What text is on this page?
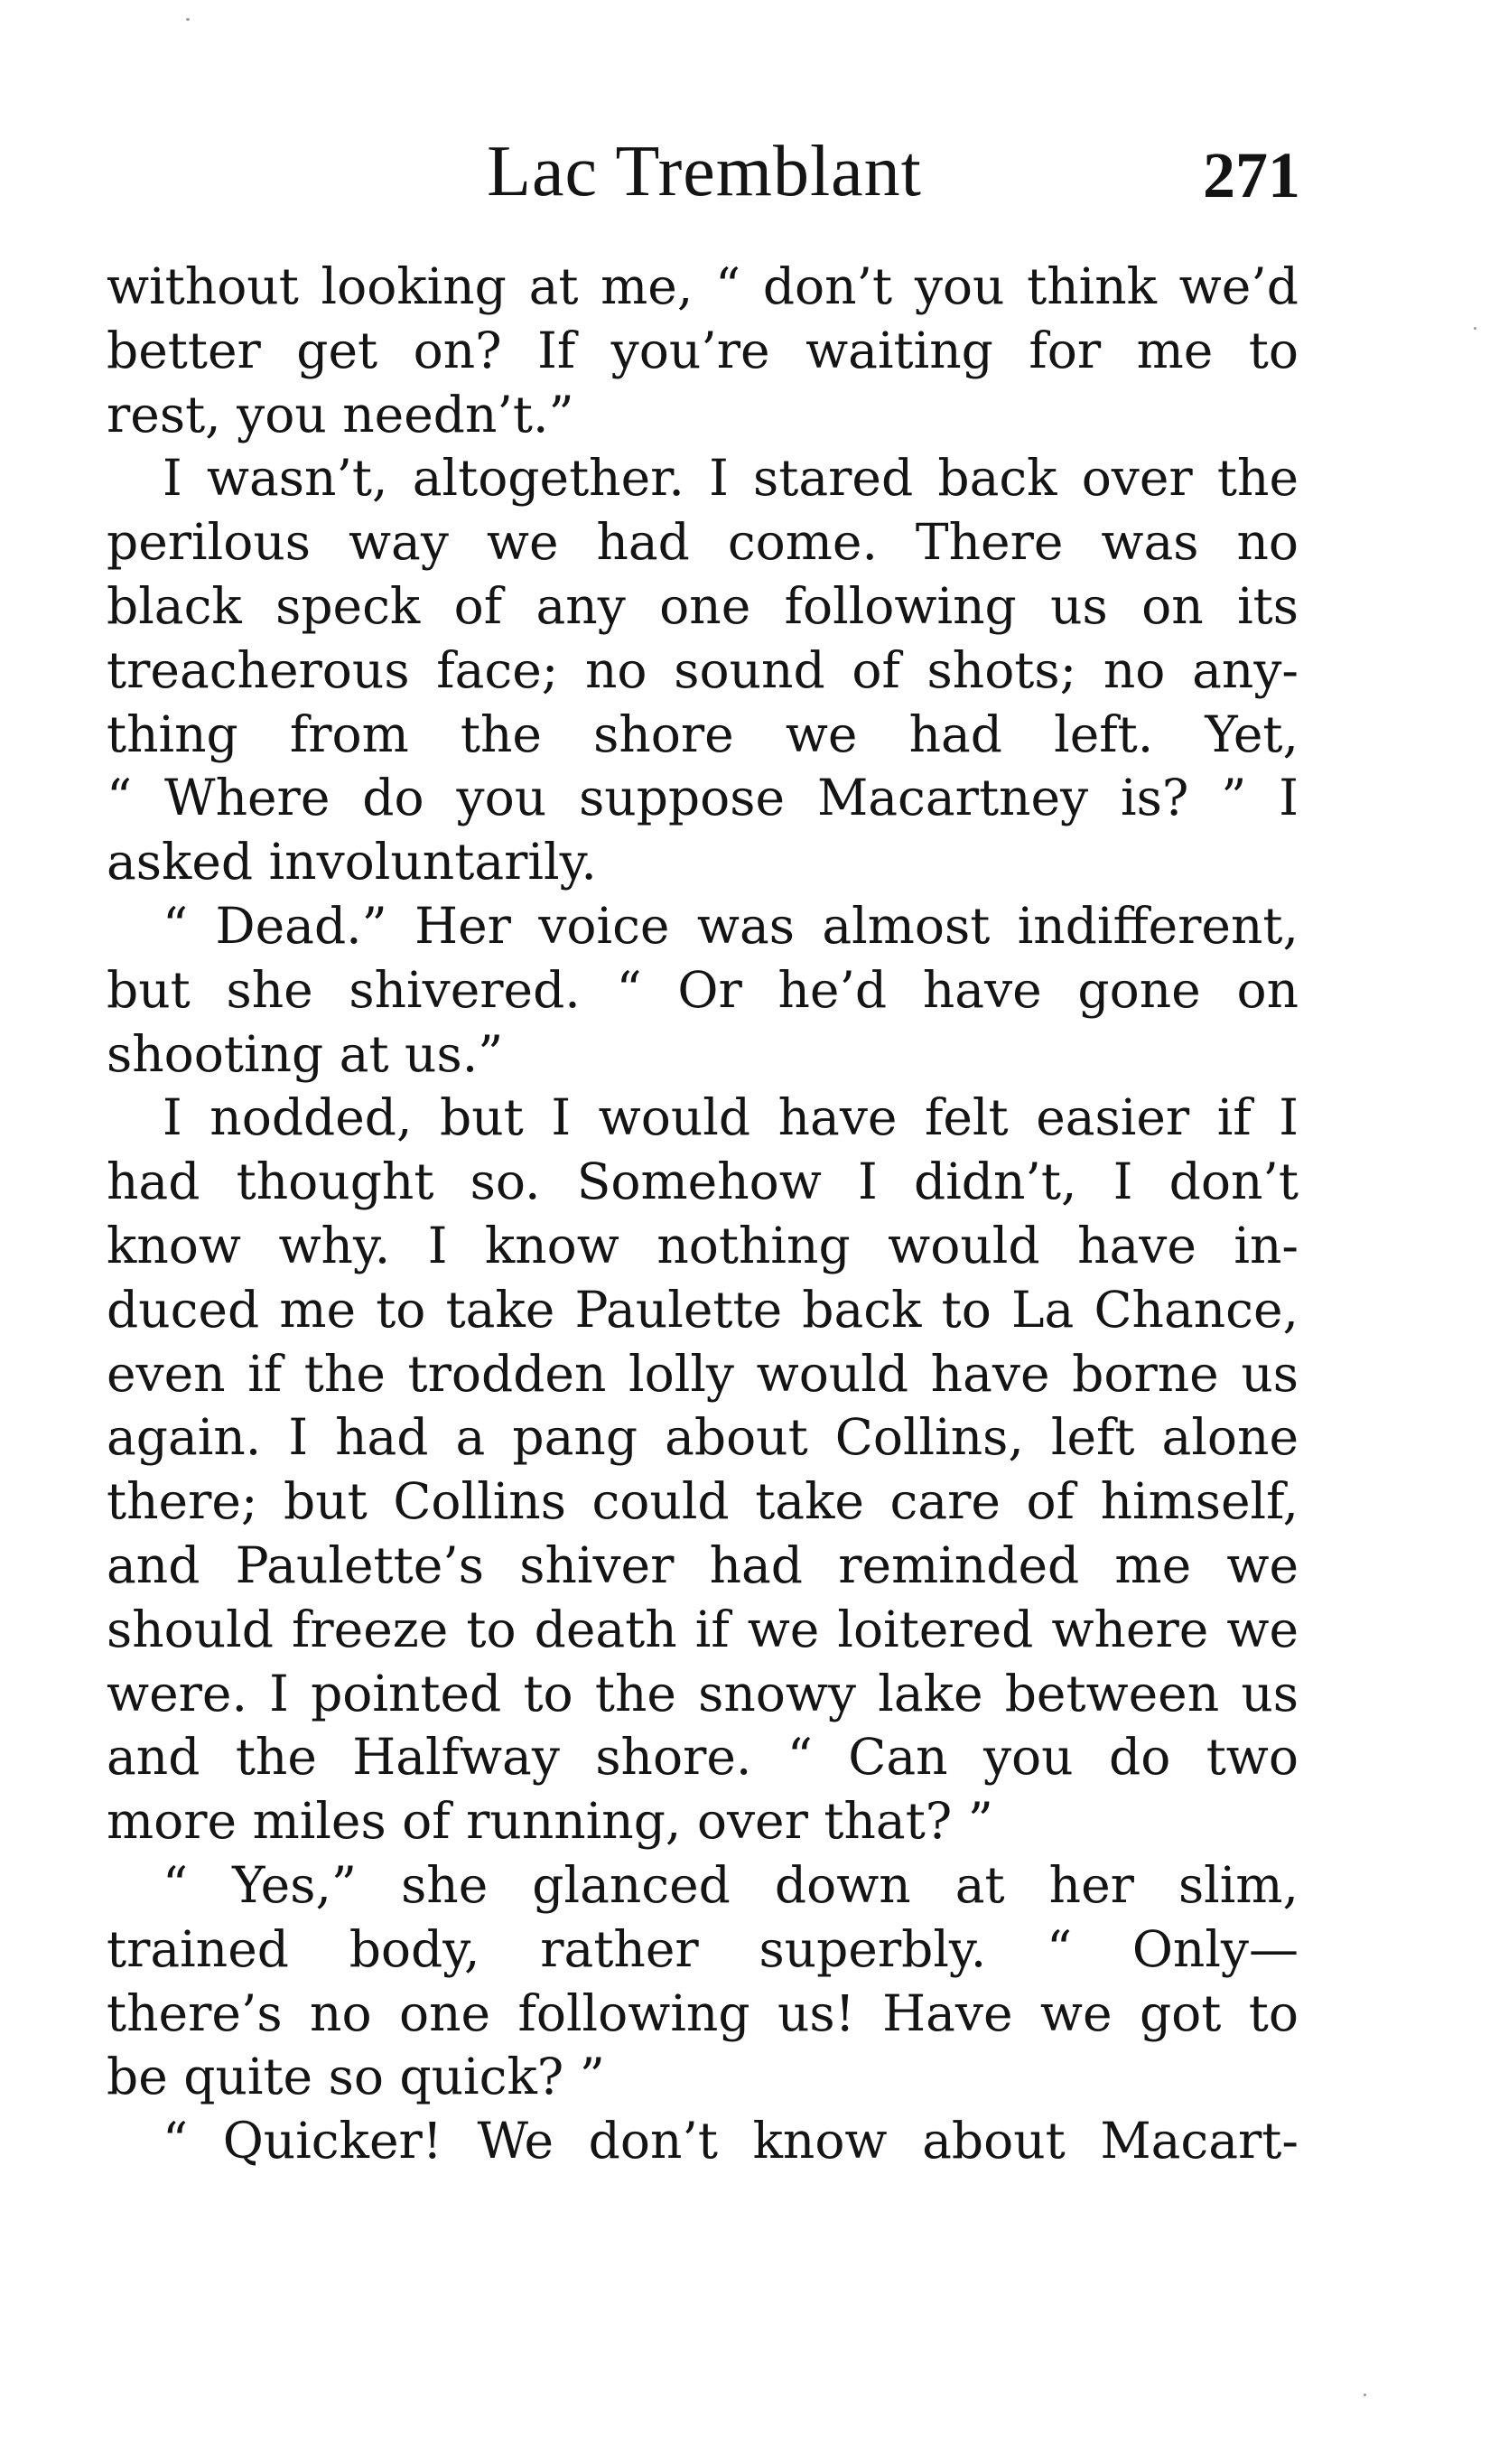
Lac Tremblant	271
without looking at me, “ don’t you think we’d
better get on? If you’re waiting for me to
rest, you needn’t.”
I wasn’t, altogether. I stared back over the
perilous way we had come. There was no
black speck of any one following us on its
treacherous face; no sound of shots; no any-
thing from the shore we had left. Yet,
“ Where do you suppose Macartney is? ” I
asked involuntarily.
“ Dead.” Her voice was almost indifferent,
but she shivered. “ Or he’d have gone on
shooting at us.”
I nodded, but I would have felt easier if I
had thought so. Somehow I didn’t, I don’t
know why. I know nothing would have in-
duced me to take Paulette back to La Chance,
even if the trodden lolly would have borne us
again. I had a pang about Collins, left alone
there; but Collins could take care of himself,
and Paulette’s shiver had reminded me we
should freeze to death if we loitered where we
were. I pointed to the snowy lake between us
and the Halfway shore. “ Can you do two
more miles of running, over that? ”
“ Yes,” she glanced down at her slim,
trained body, rather superbly. “ Only—
there’s no one following us! Have we got to
be quite so quick? ”
“ Quicker! We don’t know about Macart-
